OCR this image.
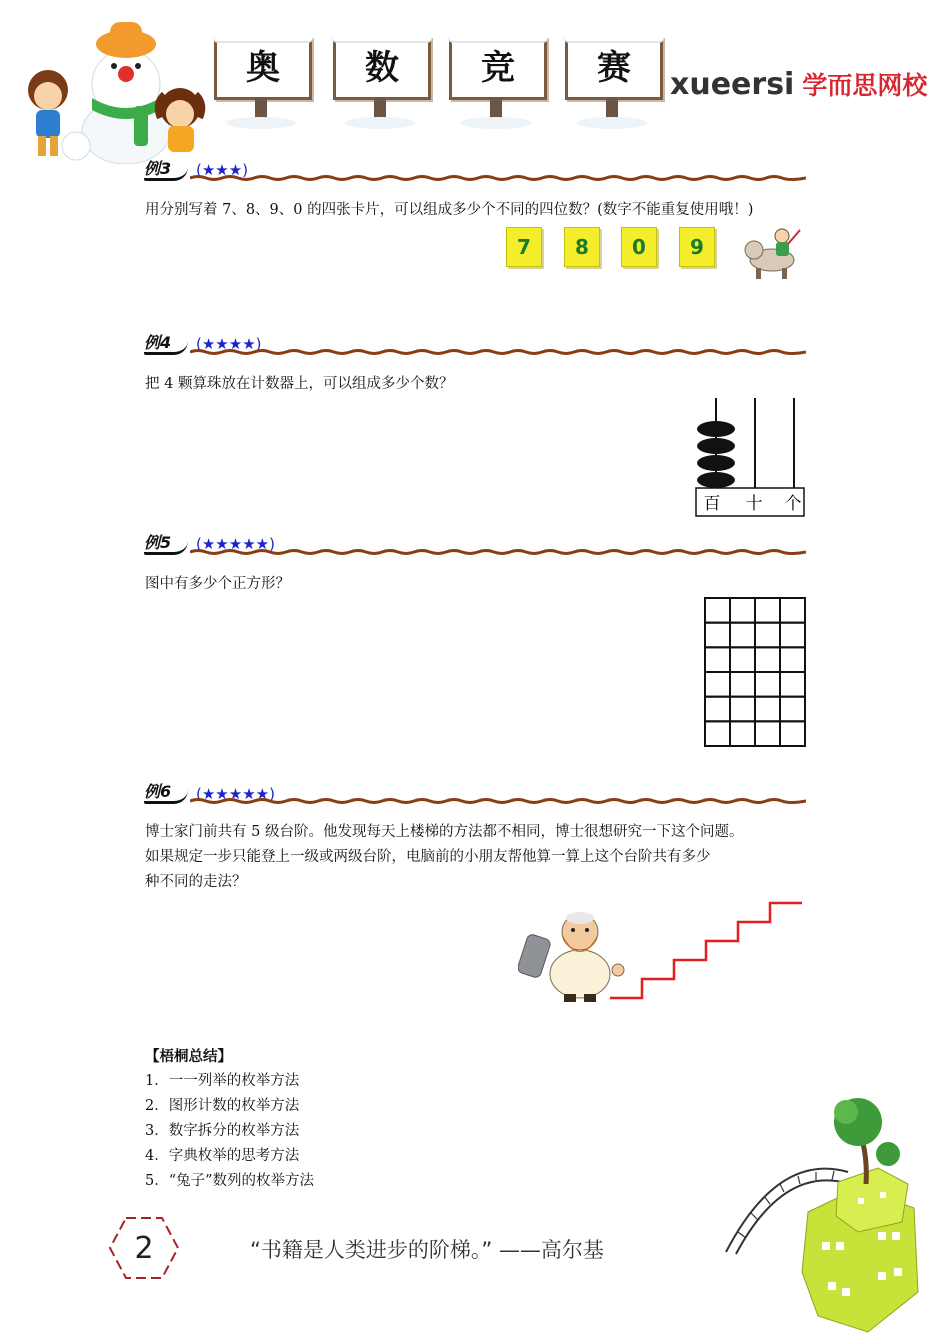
奥	数	竞	赛	xueersi 学而思网校
例3	(★★★)
用分别写着 7、8、9、0 的四张卡片，可以组成多少个不同的四位数？(数字不能重复使用哦！)
7	8	0	9
例4	(★★★★)
把 4 颗算珠放在计数器上，可以组成多少个数？
百 十 个
例5	(★★★★★)
图中有多少个正方形？
例6	(★★★★★)
博士家门前共有 5 级台阶。他发现每天上楼梯的方法都不相同，博士很想研究一下这个问题。
如果规定一步只能登上一级或两级台阶，电脑前的小朋友帮他算一算上这个台阶共有多少
种不同的走法？
【梧桐总结】
1．一一列举的枚举方法
2．图形计数的枚举方法
3．数字拆分的枚举方法
4．字典枚举的思考方法
5．“兔子”数列的枚举方法
2	“书籍是人类进步的阶梯。” ——高尔基
